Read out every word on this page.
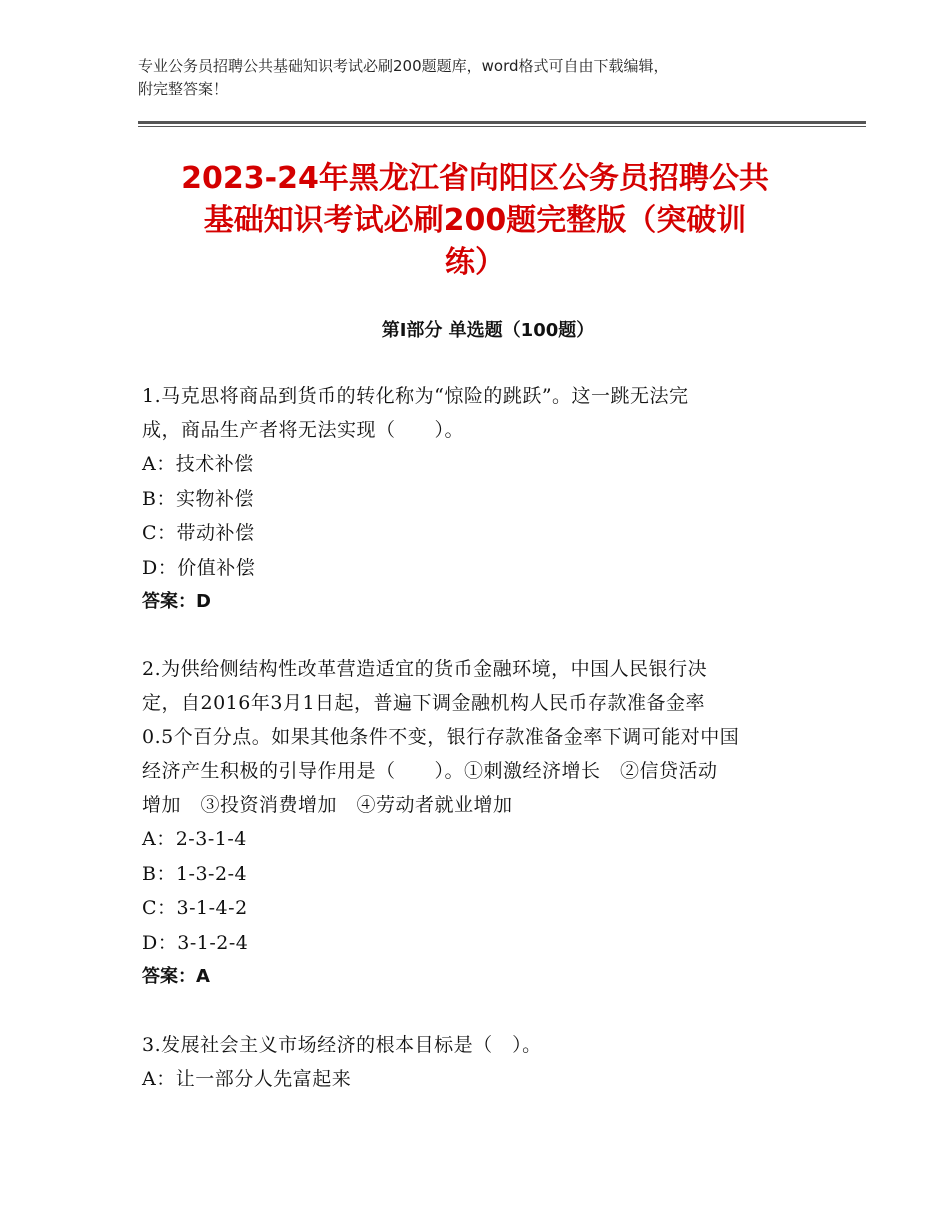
专业公务员招聘公共基础知识考试必刷200题题库，word格式可自由下载编辑，
附完整答案！
2023-24年黑龙江省向阳区公务员招聘公共
基础知识考试必刷200题完整版（突破训
练）
第Ⅰ部分 单选题（100题）

1.马克思将商品到货币的转化称为“惊险的跳跃”。这一跳无法完

成，商品生产者将无法实现（　　）。

A：技术补偿

B：实物补偿

C：带动补偿

D：价值补偿

答案：D

2.为供给侧结构性改革营造适宜的货币金融环境，中国人民银行决

定，自2016年3月1日起，普遍下调金融机构人民币存款准备金率

0.5个百分点。如果其他条件不变，银行存款准备金率下调可能对中国

经济产生积极的引导作用是（　　）。①刺激经济增长　②信贷活动

增加　③投资消费增加　④劳动者就业增加

A：2-3-1-4

B：1-3-2-4

C：3-1-4-2

D：3-1-2-4

答案：A

3.发展社会主义市场经济的根本目标是（　）。

A：让一部分人先富起来
